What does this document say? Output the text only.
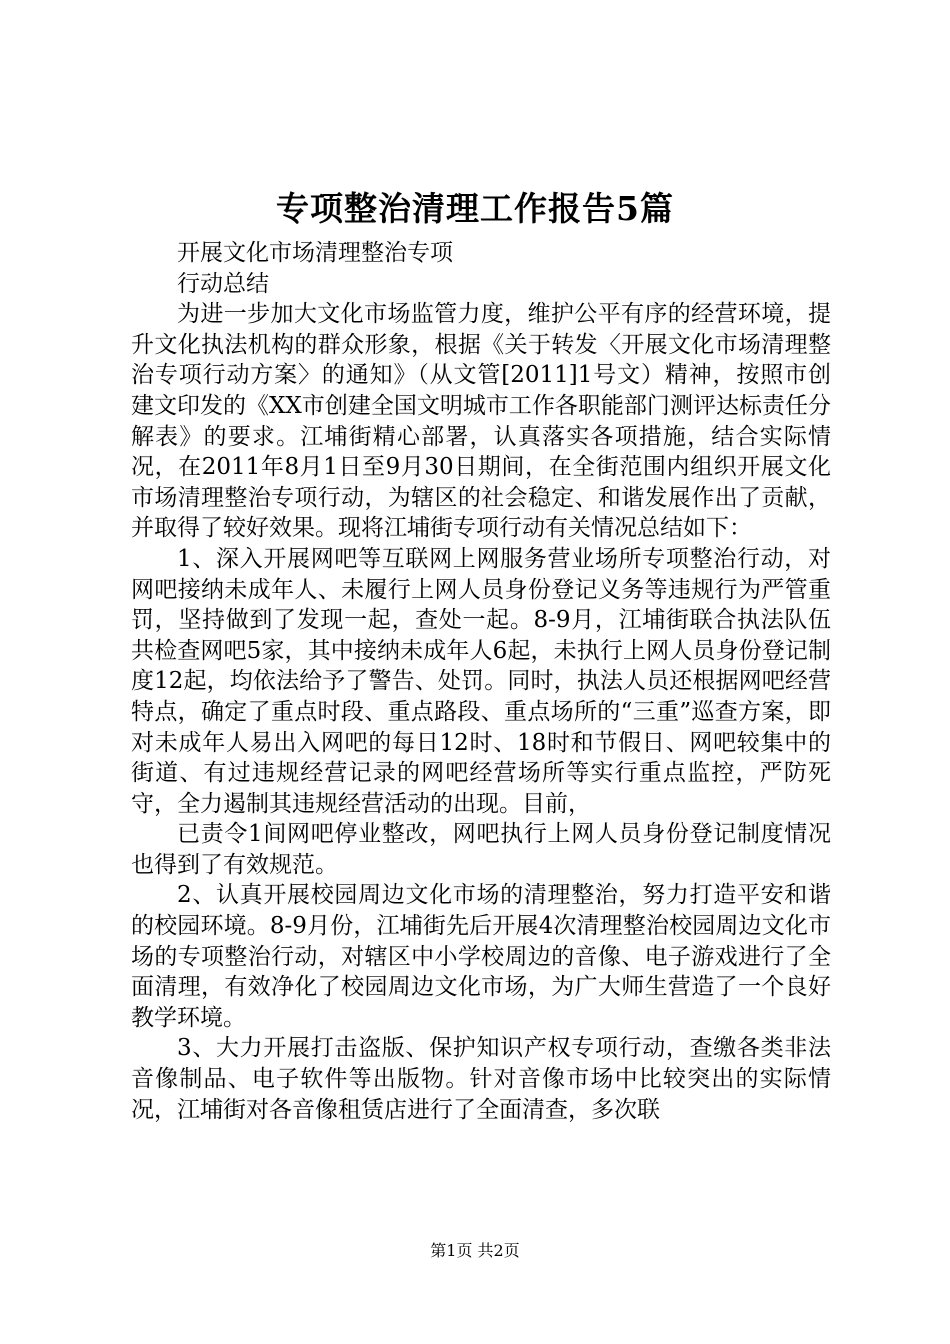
专项整治清理工作报告5篇

开展文化市场清理整治专项

行动总结

为进一步加大文化市场监管力度，维护公平有序的经营环境，提升文化执法机构的群众形象，根据《关于转发〈开展文化市场清理整治专项行动方案〉的通知》（从文管[2011]1号文）精神，按照市创建文印发的《XX市创建全国文明城市工作各职能部门测评达标责任分解表》的要求。江埔街精心部署，认真落实各项措施，结合实际情况，在2011年8月1日至9月30日期间，在全街范围内组织开展文化市场清理整治专项行动，为辖区的社会稳定、和谐发展作出了贡献，并取得了较好效果。现将江埔街专项行动有关情况总结如下：

1、深入开展网吧等互联网上网服务营业场所专项整治行动，对网吧接纳未成年人、未履行上网人员身份登记义务等违规行为严管重罚，坚持做到了发现一起，查处一起。8-9月，江埔街联合执法队伍共检查网吧5家，其中接纳未成年人6起，未执行上网人员身份登记制度12起，均依法给予了警告、处罚。同时，执法人员还根据网吧经营特点，确定了重点时段、重点路段、重点场所的“三重”巡查方案，即对未成年人易出入网吧的每日12时、18时和节假日、网吧较集中的街道、有过违规经营记录的网吧经营场所等实行重点监控，严防死守，全力遏制其违规经营活动的出现。目前，

已责令1间网吧停业整改，网吧执行上网人员身份登记制度情况也得到了有效规范。

2、认真开展校园周边文化市场的清理整治，努力打造平安和谐的校园环境。8-9月份，江埔街先后开展4次清理整治校园周边文化市场的专项整治行动，对辖区中小学校周边的音像、电子游戏进行了全面清理，有效净化了校园周边文化市场，为广大师生营造了一个良好教学环境。

3、大力开展打击盗版、保护知识产权专项行动，查缴各类非法音像制品、电子软件等出版物。针对音像市场中比较突出的实际情况，江埔街对各音像租赁店进行了全面清查，多次联

第1页 共2页
